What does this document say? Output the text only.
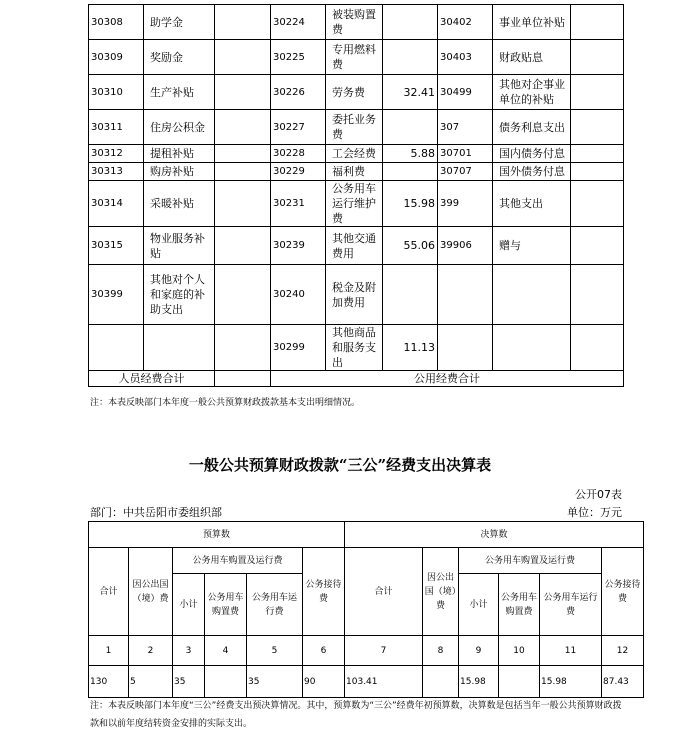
30308	助学金		30224	被装购置费		30402	事业单位补贴	
30309	奖励金		30225	专用燃料费		30403	财政贴息	
30310	生产补贴		30226	劳务费	32.41	30499	其他对企事业单位的补贴	
30311	住房公积金		30227	委托业务费		307	债务利息支出	
30312	提租补贴		30228	工会经费	5.88	30701	国内债务付息	
30313	购房补贴		30229	福利费		30707	国外债务付息	
30314	采暖补贴		30231	公务用车运行维护费	15.98	399	其他支出	
30315	物业服务补贴		30239	其他交通费用	55.06	39906	赠与	
30399	其他对个人和家庭的补助支出		30240	税金及附加费用				
			30299	其他商品和服务支出	11.13			
人员经费合计			公用经费合计					
注：本表反映部门本年度一般公共预算财政拨款基本支出明细情况。
一般公共预算财政拨款“三公”经费支出决算表
公开07表
部门：中共岳阳市委组织部	单位：万元
预算数						决算数					
合计	因公出国（境）费	公务用车购置及运行费			公务接待费	合计	因公出国（境）费	公务用车购置及运行费			公务接待费
		小计	公务用车购置费	公务用车运行费				小计	公务用车购置费	公务用车运行费	

1	2	3	4	5	6	7	8	9	10	11	12
130	5	35		35	90	103.41		15.98		15.98	87.43
注：本表反映部门本年度“三公”经费支出预决算情况。其中，预算数为“三公”经费年初预算数，决算数是包括当年一般公共预算财政拨款和以前年度结转资金安排的实际支出。
